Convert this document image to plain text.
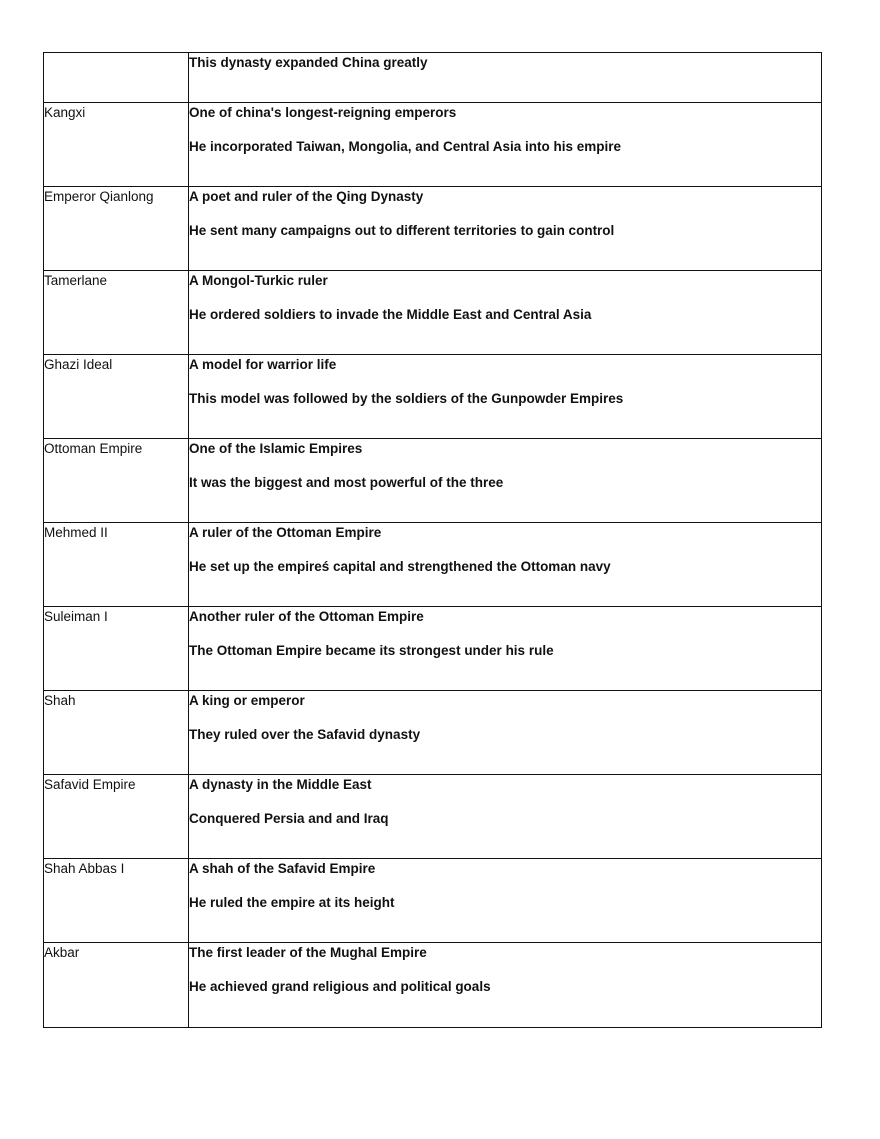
	This dynasty expanded China greatly

Kangxi	One of china's longest-reigning emperors
He incorporated Taiwan, Mongolia, and Central Asia into his empire

Emperor Qianlong	A poet and ruler of the Qing Dynasty
He sent many campaigns out to different territories to gain control

Tamerlane	A Mongol-Turkic ruler
He ordered soldiers to invade the Middle East and Central Asia

Ghazi Ideal	A model for warrior life
This model was followed by the soldiers of the Gunpowder Empires

Ottoman Empire	One of the Islamic Empires
It was the biggest and most powerful of the three

Mehmed II	A ruler of the Ottoman Empire
He set up the empireś capital and strengthened the Ottoman navy

Suleiman I	Another ruler of the Ottoman Empire
The Ottoman Empire became its strongest under his rule

Shah	A king or emperor
They ruled over the Safavid dynasty

Safavid Empire	A dynasty in the Middle East
Conquered Persia and and Iraq

Shah Abbas I	A shah of the Safavid Empire
He ruled the empire at its height

Akbar	The first leader of the Mughal Empire
He achieved grand religious and political goals
